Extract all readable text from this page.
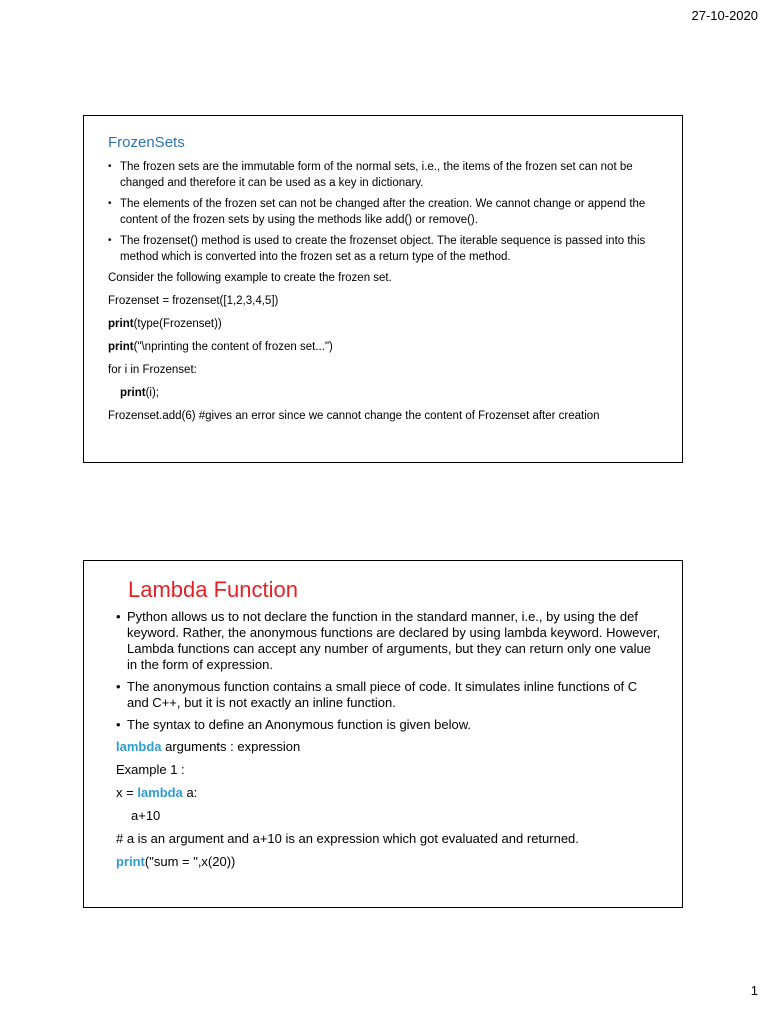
27-10-2020
FrozenSets
• The frozen sets are the immutable form of the normal sets, i.e., the items of the frozen set can not be changed and therefore it can be used as a key in dictionary.
• The elements of the frozen set can not be changed after the creation. We cannot change or append the content of the frozen sets by using the methods like add() or remove().
• The frozenset() method is used to create the frozenset object. The iterable sequence is passed into this method which is converted into the frozen set as a return type of the method.
Consider the following example to create the frozen set.
Frozenset = frozenset([1,2,3,4,5])
print(type(Frozenset))
print("\nprinting the content of frozen set...")
for i in Frozenset:
print(i);
Frozenset.add(6) #gives an error since we cannot change the content of Frozenset after creation
Lambda Function
• Python allows us to not declare the function in the standard manner, i.e., by using the def keyword. Rather, the anonymous functions are declared by using lambda keyword. However, Lambda functions can accept any number of arguments, but they can return only one value in the form of expression.
• The anonymous function contains a small piece of code. It simulates inline functions of C and C++, but it is not exactly an inline function.
• The syntax to define an Anonymous function is given below.
lambda arguments : expression
Example 1 :
x = lambda a:
a+10
# a is an argument and a+10 is an expression which got evaluated and returned.
print("sum = ",x(20))
1
